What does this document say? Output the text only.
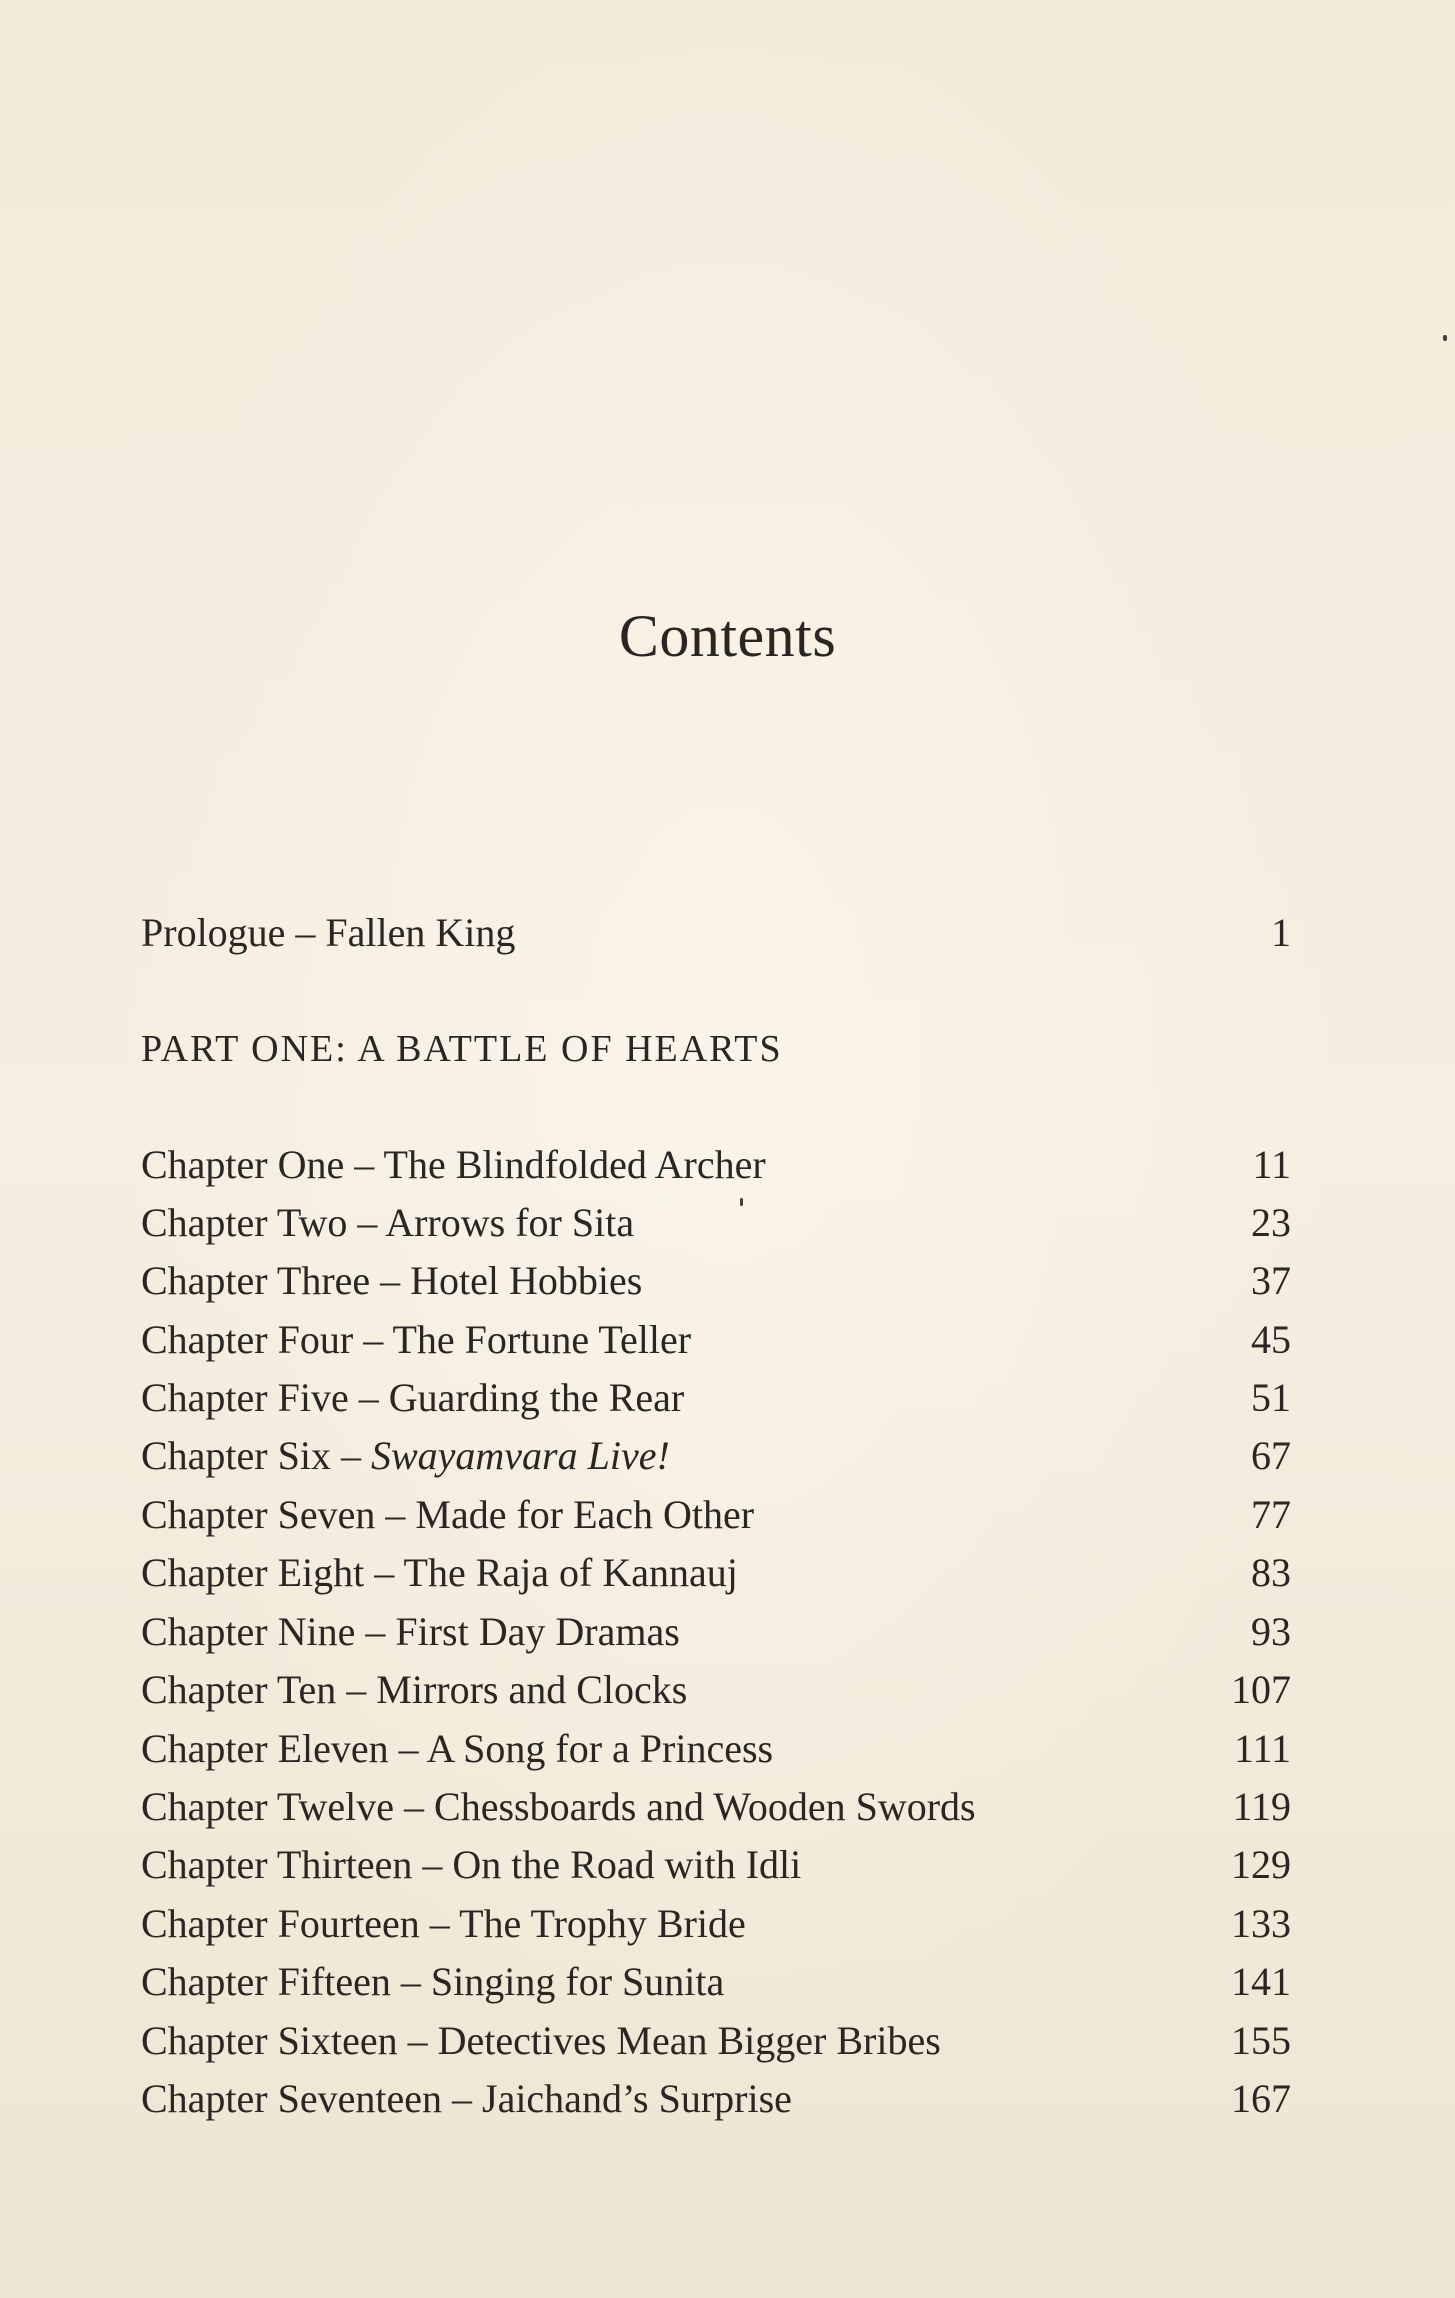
Contents
Prologue – Fallen King	1
PART ONE: A BATTLE OF HEARTS
Chapter One – The Blindfolded Archer	11
Chapter Two – Arrows for Sita	23
Chapter Three – Hotel Hobbies	37
Chapter Four – The Fortune Teller	45
Chapter Five – Guarding the Rear	51
Chapter Six – Swayamvara Live!	67
Chapter Seven – Made for Each Other	77
Chapter Eight – The Raja of Kannauj	83
Chapter Nine – First Day Dramas	93
Chapter Ten – Mirrors and Clocks	107
Chapter Eleven – A Song for a Princess	111
Chapter Twelve – Chessboards and Wooden Swords	119
Chapter Thirteen – On the Road with Idli	129
Chapter Fourteen – The Trophy Bride	133
Chapter Fifteen – Singing for Sunita	141
Chapter Sixteen – Detectives Mean Bigger Bribes	155
Chapter Seventeen – Jaichand’s Surprise	167
